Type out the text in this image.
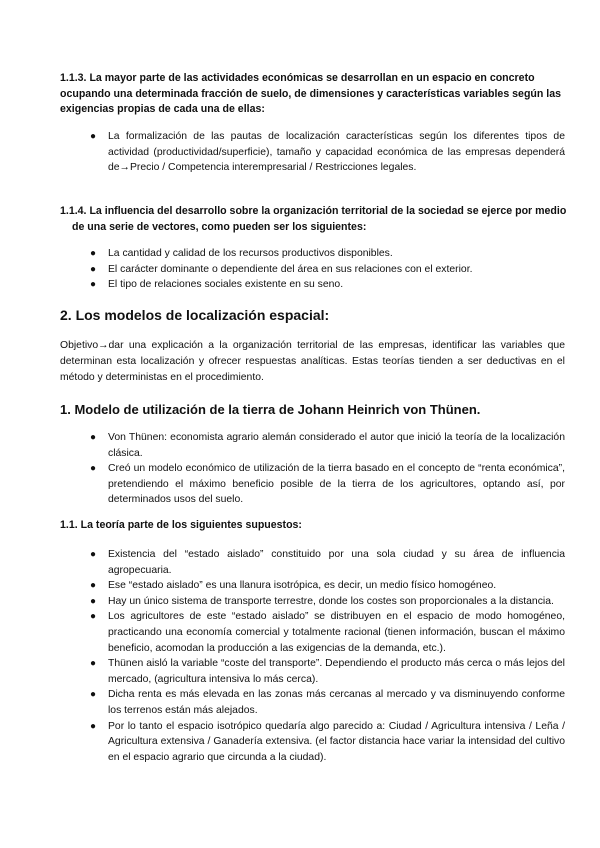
1.1.3. La mayor parte de las actividades económicas se desarrollan en un espacio en concreto ocupando una determinada fracción de suelo, de dimensiones y características variables según las exigencias propias de cada una de ellas:

● La formalización de las pautas de localización características según los diferentes tipos de actividad (productividad/superficie), tamaño y capacidad económica de las empresas dependerá de→Precio / Competencia interempresarial / Restricciones legales.

1.1.4. La influencia del desarrollo sobre la organización territorial de la sociedad se ejerce por medio de una serie de vectores, como pueden ser los siguientes:

● La cantidad y calidad de los recursos productivos disponibles.
● El carácter dominante o dependiente del área en sus relaciones con el exterior.
● El tipo de relaciones sociales existente en su seno.

2. Los modelos de localización espacial:

Objetivo→dar una explicación a la organización territorial de las empresas, identificar las variables que determinan esta localización y ofrecer respuestas analíticas. Estas teorías tienden a ser deductivas en el método y deterministas en el procedimiento.

1. Modelo de utilización de la tierra de Johann Heinrich von Thünen.

● Von Thünen: economista agrario alemán considerado el autor que inició la teoría de la localización clásica.
● Creó un modelo económico de utilización de la tierra basado en el concepto de “renta económica”, pretendiendo el máximo beneficio posible de la tierra de los agricultores, optando así, por determinados usos del suelo.

1.1. La teoría parte de los siguientes supuestos:

● Existencia del “estado aislado” constituido por una sola ciudad y su área de influencia agropecuaria.
● Ese “estado aislado” es una llanura isotrópica, es decir, un medio físico homogéneo.
● Hay un único sistema de transporte terrestre, donde los costes son proporcionales a la distancia.
● Los agricultores de este “estado aislado” se distribuyen en el espacio de modo homogéneo, practicando una economía comercial y totalmente racional (tienen información, buscan el máximo beneficio, acomodan la producción a las exigencias de la demanda, etc.).
● Thünen aisló la variable “coste del transporte”. Dependiendo el producto más cerca o más lejos del mercado, (agricultura intensiva lo más cerca).
● Dicha renta es más elevada en las zonas más cercanas al mercado y va disminuyendo conforme los terrenos están más alejados.
● Por lo tanto el espacio isotrópico quedaría algo parecido a: Ciudad / Agricultura intensiva / Leña / Agricultura extensiva / Ganadería extensiva. (el factor distancia hace variar la intensidad del cultivo en el espacio agrario que circunda a la ciudad).
